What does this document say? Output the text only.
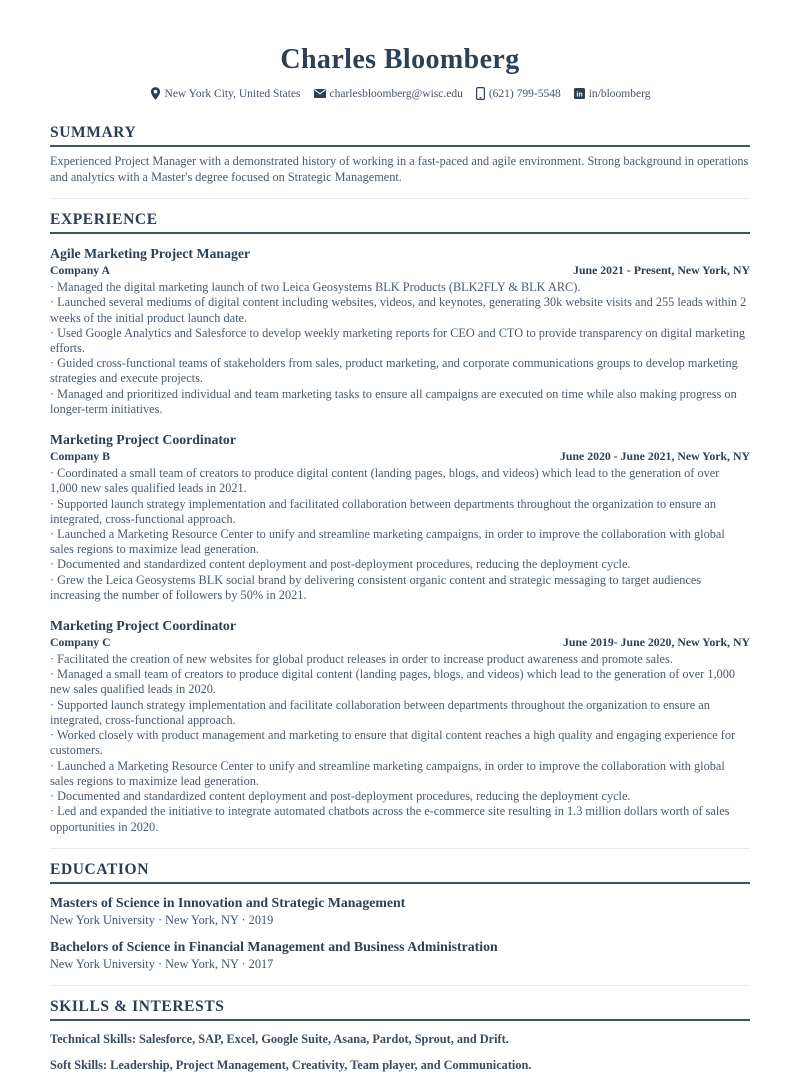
Charles Bloomberg
New York City, United States	charlesbloomberg@wisc.edu (621) 799-5548 in in/bloomberg
SUMMARY

Experienced Project Manager with a demonstrated history of working in a fast-paced and agile environment. Strong background in operations and analytics with a Master's degree focused on Strategic Management.

EXPERIENCE
Agile Marketing Project Manager
Company A	June 2021 - Present, New York, NY
· Managed the digital marketing launch of two Leica Geosystems BLK Products (BLK2FLY & BLK ARC).
· Launched several mediums of digital content including websites, videos, and keynotes, generating 30k website visits and 255 leads within 2 weeks of the initial product launch date.
· Used Google Analytics and Salesforce to develop weekly marketing reports for CEO and CTO to provide transparency on digital marketing efforts.
· Guided cross-functional teams of stakeholders from sales, product marketing, and corporate communications groups to develop marketing strategies and execute projects.
· Managed and prioritized individual and team marketing tasks to ensure all campaigns are executed on time while also making progress on longer-term initiatives.
Marketing Project Coordinator
Company B	June 2020 - June 2021, New York, NY
· Coordinated a small team of creators to produce digital content (landing pages, blogs, and videos) which lead to the generation of over 1,000 new sales qualified leads in 2021.
· Supported launch strategy implementation and facilitated collaboration between departments throughout the organization to ensure an integrated, cross-functional approach.
· Launched a Marketing Resource Center to unify and streamline marketing campaigns, in order to improve the collaboration with global sales regions to maximize lead generation.
· Documented and standardized content deployment and post-deployment procedures, reducing the deployment cycle.
· Grew the Leica Geosystems BLK social brand by delivering consistent organic content and strategic messaging to target audiences increasing the number of followers by 50% in 2021.
Marketing Project Coordinator
Company C	June 2019- June 2020, New York, NY
· Facilitated the creation of new websites for global product releases in order to increase product awareness and promote sales.
· Managed a small team of creators to produce digital content (landing pages, blogs, and videos) which lead to the generation of over 1,000 new sales qualified leads in 2020.
· Supported launch strategy implementation and facilitate collaboration between departments throughout the organization to ensure an integrated, cross-functional approach.
· Worked closely with product management and marketing to ensure that digital content reaches a high quality and engaging experience for customers.
· Launched a Marketing Resource Center to unify and streamline marketing campaigns, in order to improve the collaboration with global sales regions to maximize lead generation.
· Documented and standardized content deployment and post-deployment procedures, reducing the deployment cycle.
· Led and expanded the initiative to integrate automated chatbots across the e-commerce site resulting in 1.3 million dollars worth of sales opportunities in 2020.
EDUCATION
Masters of Science in Innovation and Strategic Management
New York University · New York, NY · 2019
Bachelors of Science in Financial Management and Business Administration
New York University · New York, NY · 2017
SKILLS & INTERESTS
Technical Skills: Salesforce, SAP, Excel, Google Suite, Asana, Pardot, Sprout, and Drift.
Soft Skills: Leadership, Project Management, Creativity, Team player, and Communication.
